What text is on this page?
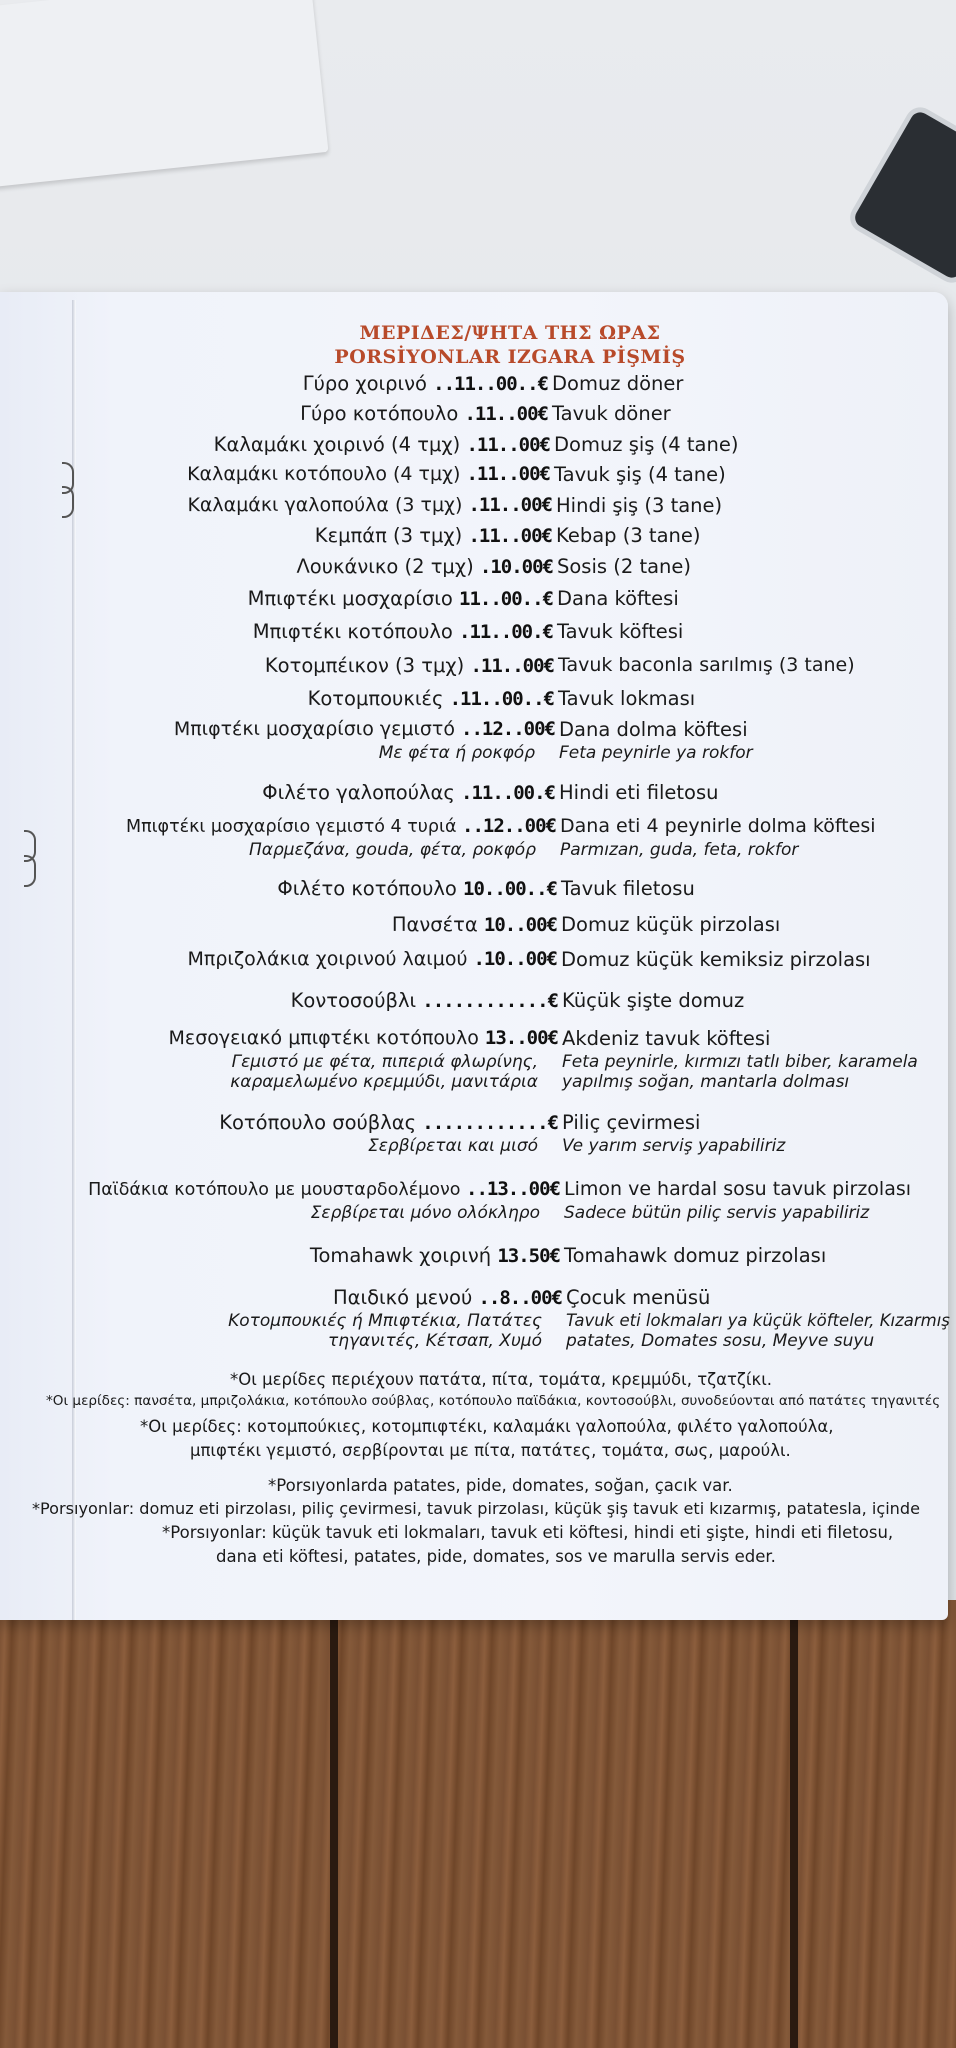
ΜΕΡΙΔΕΣ/ΨΗΤΑ ΤΗΣ ΩΡΑΣ
PORSİYONLAR IZGARA PİŞMİŞ
Γύρο χοιρινό ..11..00..€ Domuz döner
Γύρο κοτόπουλο .11..00€ Tavuk döner
Καλαμάκι χοιρινό (4 τμχ) .11..00€ Domuz şiş (4 tane)
Καλαμάκι κοτόπουλο (4 τμχ) .11..00€ Tavuk şiş (4 tane)
Καλαμάκι γαλοπούλα (3 τμχ) .11..00€ Hindi şiş (3 tane)
Κεμπάπ (3 τμχ) .11..00€ Kebap (3 tane)
Λουκάνικο (2 τμχ) .10.00€ Sosis (2 tane)
Μπιφτέκι μοσχαρίσιο 11..00..€ Dana köftesi
Μπιφτέκι κοτόπουλο .11..00.€ Tavuk köftesi
Κοτομπέικον (3 τμχ) .11..00€ Tavuk baconla sarılmış (3 tane)
Κοτομπουκιές .11..00..€ Tavuk lokması
Μπιφτέκι μοσχαρίσιο γεμιστό ..12..00€ Dana dolma köftesi
Με φέτα ή ροκφόρ Feta peynirle ya rokfor
Φιλέτο γαλοπούλας .11..00.€ Hindi eti filetosu
Μπιφτέκι μοσχαρίσιο γεμιστό 4 τυριά ..12..00€ Dana eti 4 peynirle dolma köftesi
Παρμεζάνα, gouda, φέτα, ροκφόρ Parmızan, guda, feta, rokfor
Φιλέτο κοτόπουλο 10..00..€ Tavuk filetosu
Πανσέτα 10..00€ Domuz küçük pirzolası
Μπριζολάκια χοιρινού λαιμού .10..00€ Domuz küçük kemiksiz pirzolası
Κοντοσούβλι ............€ Küçük şişte domuz
Μεσογειακό μπιφτέκι κοτόπουλο 13..00€ Akdeniz tavuk köftesi
Γεμιστό με φέτα, πιπεριά φλωρίνης,
καραμελωμένο κρεμμύδι, μανιτάρια
Feta peynirle, kırmızı tatlı biber, karamela
yapılmış soğan, mantarla dolması
Κοτόπουλο σούβλας ............€ Piliç çevirmesi
Σερβίρεται και μισό Ve yarım serviş yapabiliriz
Παϊδάκια κοτόπουλο με μουσταρδολέμονο ..13..00€ Limon ve hardal sosu tavuk pirzolası
Σερβίρεται μόνο ολόκληρο Sadece bütün piliç servis yapabiliriz
Tomahawk χοιρινή 13.50€ Tomahawk domuz pirzolası
Παιδικό μενού ..8..00€ Çocuk menüsü
Κοτομπουκιές ή Μπιφτέκια, Πατάτες
τηγανιτές, Κέτσαπ, Χυμό
Tavuk eti lokmaları ya küçük köfteler, Kızarmış
patates, Domates sosu, Meyve suyu
*Οι μερίδες περιέχουν πατάτα, πίτα, τομάτα, κρεμμύδι, τζατζίκι.
*Οι μερίδες: πανσέτα, μπριζολάκια, κοτόπουλο σούβλας, κοτόπουλο παϊδάκια, κοντοσούβλι, συνοδεύονται από πατάτες τηγανιτές
*Οι μερίδες: κοτομπούκιες, κοτομπιφτέκι, καλαμάκι γαλοπούλα, φιλέτο γαλοπούλα,
μπιφτέκι γεμιστό, σερβίρονται με πίτα, πατάτες, τομάτα, σως, μαρούλι.
*Porsıyonlarda patates, pide, domates, soğan, çacık var.
*Porsıyonlar: domuz eti pirzolası, piliç çevirmesi, tavuk pirzolası, küçük şiş tavuk eti kızarmış, patatesla, içinde
*Porsıyonlar: küçük tavuk eti lokmaları, tavuk eti köftesi, hindi eti şişte, hindi eti filetosu,
dana eti köftesi, patates, pide, domates, sos ve marulla servis eder.
